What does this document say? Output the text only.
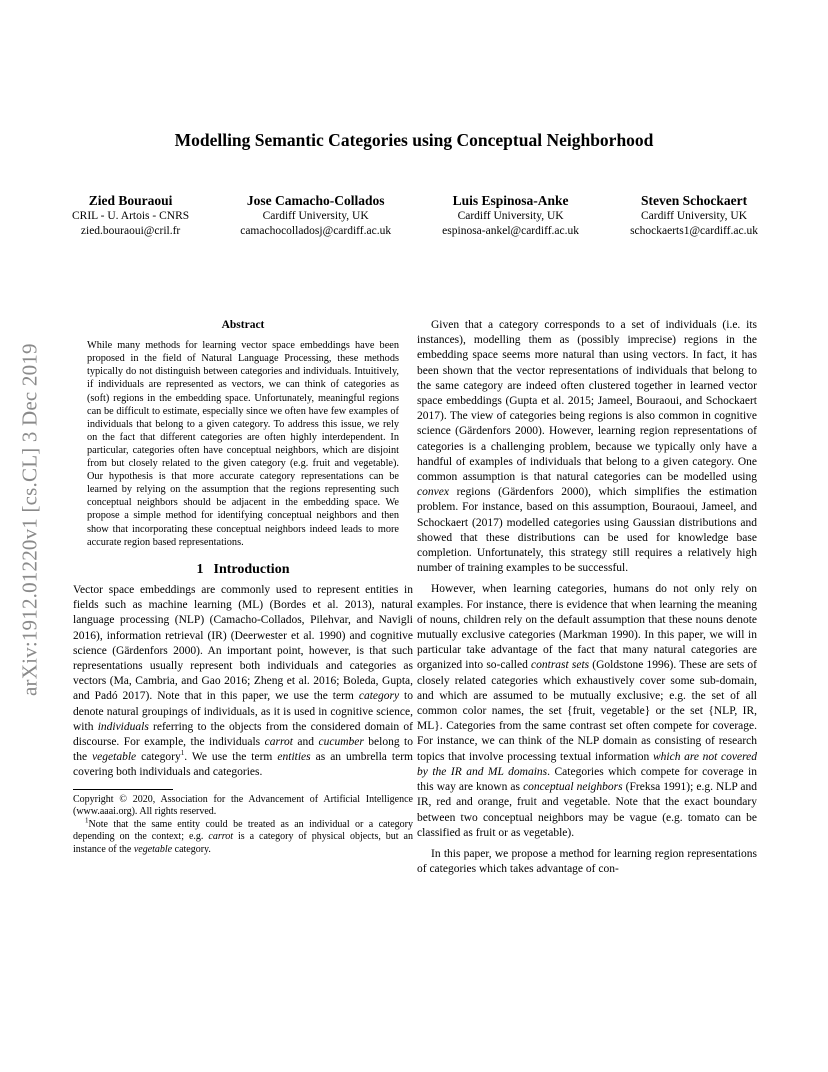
arXiv:1912.01220v1 [cs.CL] 3 Dec 2019
Modelling Semantic Categories using Conceptual Neighborhood
Zied Bouraoui
CRIL - U. Artois - CNRS
zied.bouraoui@cril.fr
Jose Camacho-Collados
Cardiff University, UK
camachocolladosj@cardiff.ac.uk
Luis Espinosa-Anke
Cardiff University, UK
espinosa-ankel@cardiff.ac.uk
Steven Schockaert
Cardiff University, UK
schockaerts1@cardiff.ac.uk
Abstract
While many methods for learning vector space embeddings have been proposed in the field of Natural Language Processing, these methods typically do not distinguish between categories and individuals. Intuitively, if individuals are represented as vectors, we can think of categories as (soft) regions in the embedding space. Unfortunately, meaningful regions can be difficult to estimate, especially since we often have few examples of individuals that belong to a given category. To address this issue, we rely on the fact that different categories are often highly interdependent. In particular, categories often have conceptual neighbors, which are disjoint from but closely related to the given category (e.g. fruit and vegetable). Our hypothesis is that more accurate category representations can be learned by relying on the assumption that the regions representing such conceptual neighbors should be adjacent in the embedding space. We propose a simple method for identifying conceptual neighbors and then show that incorporating these conceptual neighbors indeed leads to more accurate region based representations.
1 Introduction

Vector space embeddings are commonly used to represent entities in fields such as machine learning (ML) (Bordes et al. 2013), natural language processing (NLP) (Camacho-Collados, Pilehvar, and Navigli 2016), information retrieval (IR) (Deerwester et al. 1990) and cognitive science (Gärdenfors 2000). An important point, however, is that such representations usually represent both individuals and categories as vectors (Ma, Cambria, and Gao 2016; Zheng et al. 2016; Boleda, Gupta, and Padó 2017). Note that in this paper, we use the term category to denote natural groupings of individuals, as it is used in cognitive science, with individuals referring to the objects from the considered domain of discourse. For example, the individuals carrot and cucumber belong to the vegetable category$^1$. We use the term entities as an umbrella term covering both individuals and categories.

Copyright © 2020, Association for the Advancement of Artificial Intelligence (www.aaai.org). All rights reserved.

$^1$Note that the same entity could be treated as an individual or a category depending on the context; e.g. carrot is a category of physical objects, but an instance of the vegetable category.

Given that a category corresponds to a set of individuals (i.e. its instances), modelling them as (possibly imprecise) regions in the embedding space seems more natural than using vectors. In fact, it has been shown that the vector representations of individuals that belong to the same category are indeed often clustered together in learned vector space embeddings (Gupta et al. 2015; Jameel, Bouraoui, and Schockaert 2017). The view of categories being regions is also common in cognitive science (Gärdenfors 2000). However, learning region representations of categories is a challenging problem, because we typically only have a handful of examples of individuals that belong to a given category. One common assumption is that natural categories can be modelled using convex regions (Gärdenfors 2000), which simplifies the estimation problem. For instance, based on this assumption, Bouraoui, Jameel, and Schockaert (2017) modelled categories using Gaussian distributions and showed that these distributions can be used for knowledge base completion. Unfortunately, this strategy still requires a relatively high number of training examples to be successful.

However, when learning categories, humans do not only rely on examples. For instance, there is evidence that when learning the meaning of nouns, children rely on the default assumption that these nouns denote mutually exclusive categories (Markman 1990). In this paper, we will in particular take advantage of the fact that many natural categories are organized into so-called contrast sets (Goldstone 1996). These are sets of closely related categories which exhaustively cover some sub-domain, and which are assumed to be mutually exclusive; e.g. the set of all common color names, the set {fruit, vegetable} or the set {NLP, IR, ML}. Categories from the same contrast set often compete for coverage. For instance, we can think of the NLP domain as consisting of research topics that involve processing textual information which are not covered by the IR and ML domains. Categories which compete for coverage in this way are known as conceptual neighbors (Freksa 1991); e.g. NLP and IR, red and orange, fruit and vegetable. Note that the exact boundary between two conceptual neighbors may be vague (e.g. tomato can be classified as fruit or as vegetable).

In this paper, we propose a method for learning region representations of categories which takes advantage of con-
